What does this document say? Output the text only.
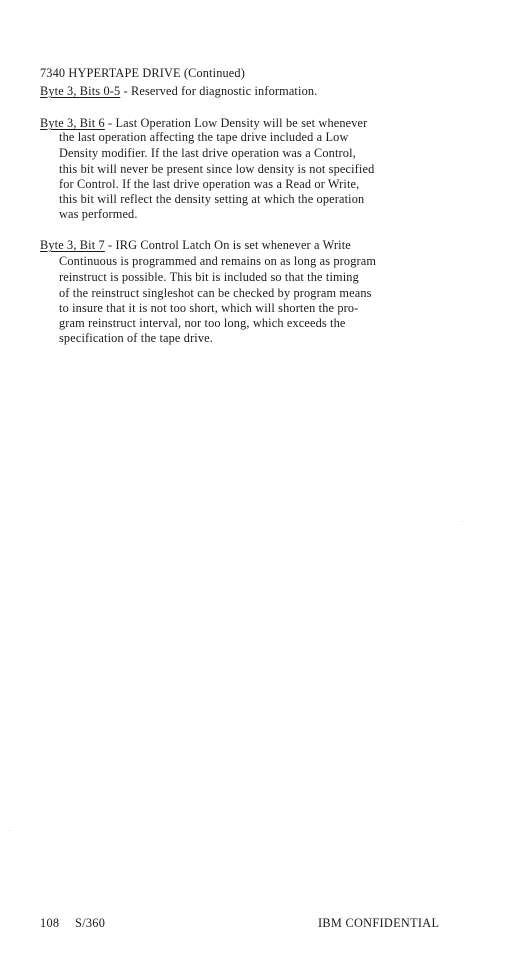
7340 HYPERTAPE DRIVE (Continued)
Byte 3, Bits 0-5 - Reserved for diagnostic information.
Byte 3, Bit 6 - Last Operation Low Density will be set whenever
the last operation affecting the tape drive included a Low
Density modifier. If the last drive operation was a Control,
this bit will never be present since low density is not specified
for Control. If the last drive operation was a Read or Write,
this bit will reflect the density setting at which the operation
was performed.
Byte 3, Bit 7 - IRG Control Latch On is set whenever a Write
Continuous is programmed and remains on as long as program
reinstruct is possible. This bit is included so that the timing
of the reinstruct singleshot can be checked by program means
to insure that it is not too short, which will shorten the pro-
gram reinstruct interval, nor too long, which exceeds the
specification of the tape drive.
108 S/360	IBM CONFIDENTIAL
